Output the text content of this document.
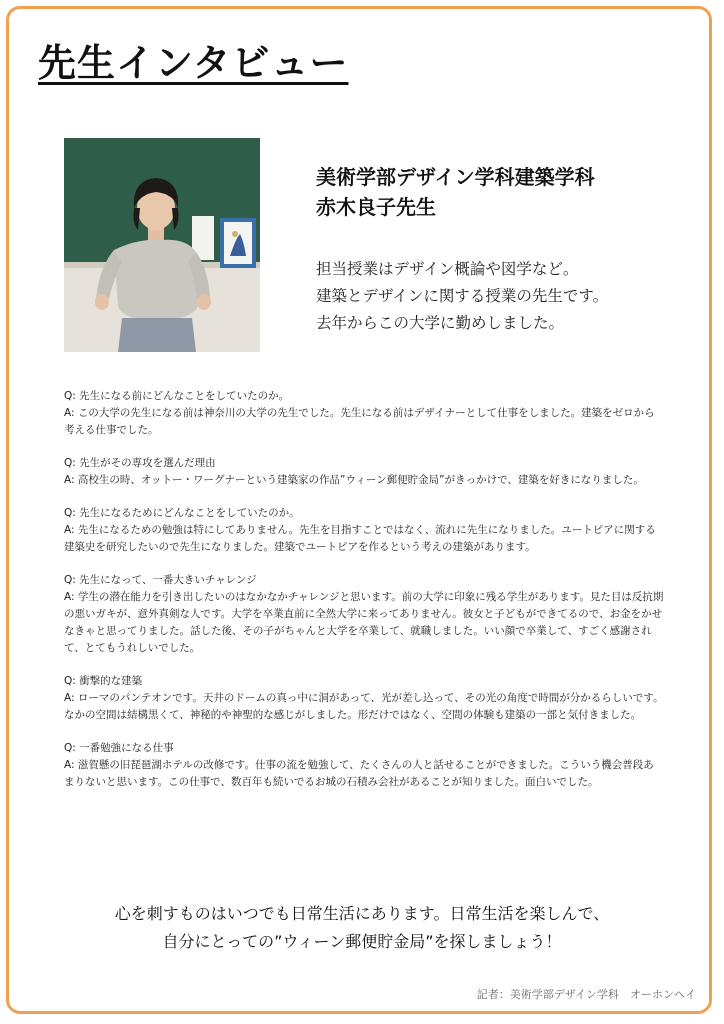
先生インタビュー
美術学部デザイン学科建築学科
赤木良子先生
担当授業はデザイン概論や図学など。
建築とデザインに関する授業の先生です。
去年からこの大学に勤めしました。

Q: 先生になる前にどんなことをしていたのか。

A: この大学の先生になる前は神奈川の大学の先生でした。先生になる前はデザイナーとして仕事をしました。建築をゼロから考える仕事でした。

Q: 先生がその専攻を選んだ理由

A: 高校生の時、オットー・ワーグナーという建築家の作品”ウィーン郵便貯金局”がきっかけで、建築を好きになりました。

Q: 先生になるためにどんなことをしていたのか。

A: 先生になるための勉強は特にしてありません。先生を目指すことではなく、流れに先生になりました。ユートピアに関する建築史を研究したいので先生になりました。建築でユートピアを作るという考えの建築があります。

Q: 先生になって、一番大きいチャレンジ

A: 学生の潜在能力を引き出したいのはなかなかチャレンジと思います。前の大学に印象に残る学生があります。見た目は反抗期の悪いガキが、意外真剣な人です。大学を卒業直前に全然大学に来ってありません。彼女と子どもができてるので、お金をかせなきゃと思ってりました。話した後、その子がちゃんと大学を卒業して、就職しました。いい顔で卒業して、すごく感謝されて、とてもうれしいでした。

Q: 衝撃的な建築

A: ローマのパンテオンです。天井のドームの真っ中に洞があって、光が差し込って、その光の角度で時間が分かるらしいです。なかの空間は結構黒くて、神秘的や神聖的な感じがしました。形だけではなく、空間の体験も建築の一部と気付きました。

Q: 一番勉強になる仕事

A: 滋賀懸の旧琵琶湖ホテルの改修です。仕事の流を勉強して、たくさんの人と話せることができました。こういう機会普段あまりないと思います。この仕事で、数百年も続いでるお城の石積み会社があることが知りました。面白いでした。

心を刺すものはいつでも日常生活にあります。日常生活を楽しんで、
自分にとっての”ウィーン郵便貯金局”を探しましょう！
記者：美術学部デザイン学科　オーホンヘイ
